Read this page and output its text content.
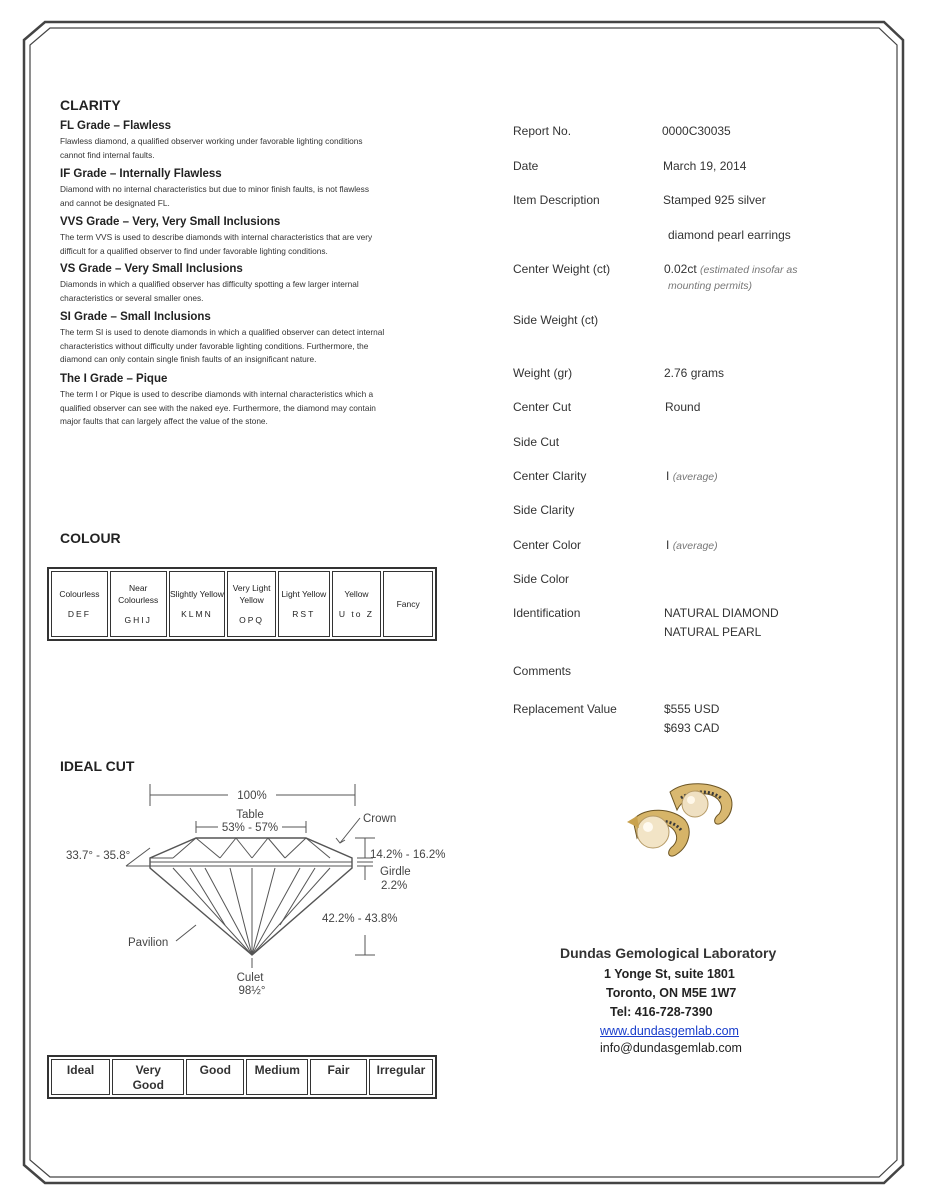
CLARITY
FL Grade – Flawless
Flawless diamond, a qualified observer working under favorable lighting conditions
cannot find internal faults.
IF Grade – Internally Flawless
Diamond with no internal characteristics but due to minor finish faults, is not flawless
and cannot be designated FL.
VVS Grade – Very, Very Small Inclusions
The term VVS is used to describe diamonds with internal characteristics that are very
difficult for a qualified observer to find under favorable lighting conditions.
VS Grade – Very Small Inclusions
Diamonds in which a qualified observer has difficulty spotting a few larger internal
characteristics or several smaller ones.
SI Grade – Small Inclusions
The term SI is used to denote diamonds in which a qualified observer can detect internal
characteristics without difficulty under favorable lighting conditions. Furthermore, the
diamond can only contain single finish faults of an insignificant nature.
The I Grade – Pique
The term I or Pique is used to describe diamonds with internal characteristics which a
qualified observer can see with the naked eye. Furthermore, the diamond may contain
major faults that can largely affect the value of the stone.
COLOUR
Colourless
DEF
	Near Colourless
GHIJ
	Slightly Yellow
KLMN
	Very Light Yellow
OPQ
	Light Yellow
RST
	Yellow
U to Z
	Fancy
IDEAL CUT
100%
Table
53% - 57%
Crown
33.7° - 35.8°	14.2% - 16.2%
Girdle
2.2%
42.2% - 43.8%
Pavilion
Culet
98½°
Ideal	Very Good	Good	Medium	Fair	Irregular
Report No.	0000C30035
Date	March 19, 2014
Item Description	Stamped 925 silver
diamond pearl earrings
Center Weight (ct)	0.02ct (estimated insofar as
mounting permits)
Side Weight (ct)
Weight (gr)	2.76 grams
Center Cut	Round
Side Cut
Center Clarity	I (average)
Side Clarity
Center Color	I (average)
Side Color
Identification	NATURAL DIAMOND
NATURAL PEARL
Comments
Replacement Value	$555 USD
$693 CAD
Dundas Gemological Laboratory
1 Yonge St, suite 1801
Toronto, ON M5E 1W7
Tel: 416-728-7390
www.dundasgemlab.com
info@dundasgemlab.com
